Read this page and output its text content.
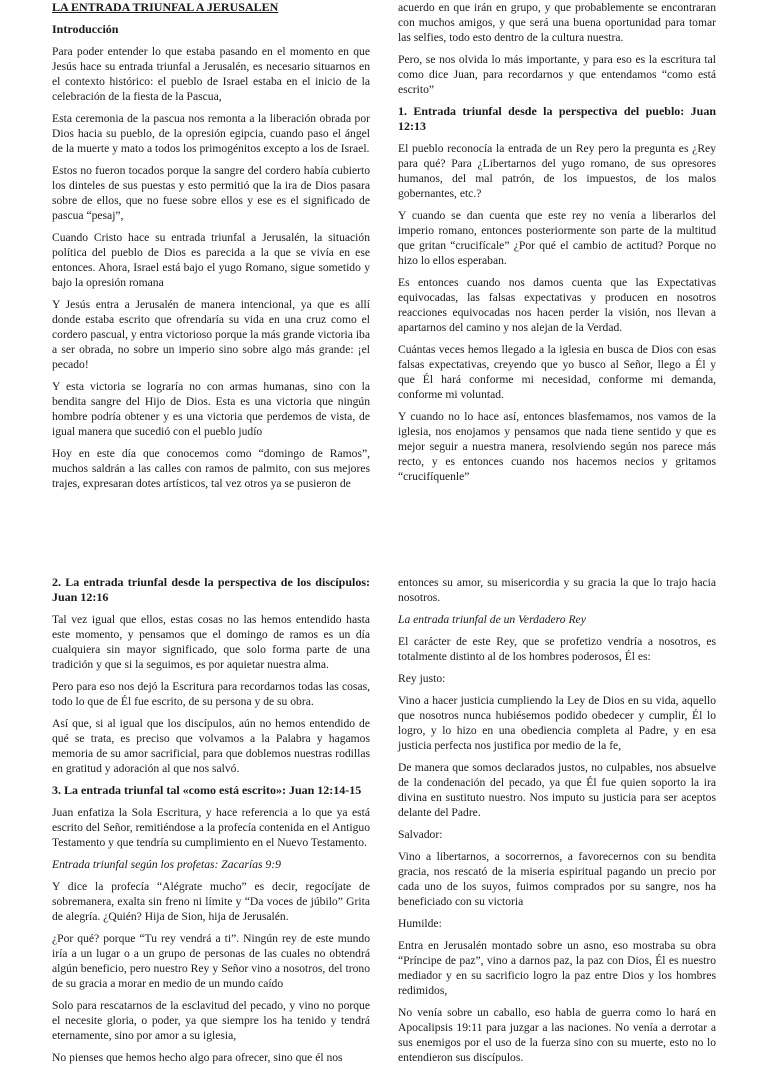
LA ENTRADA TRIUNFAL A JERUSALEN

Introducción

Para poder entender lo que estaba pasando en el momento en que Jesús hace su entrada triunfal a Jerusalén, es necesario situarnos en el contexto histórico: el pueblo de Israel estaba en el inicio de la celebración de la fiesta de la Pascua,

Esta ceremonia de la pascua nos remonta a la liberación obrada por Dios hacia su pueblo, de la opresión egipcia, cuando paso el ángel de la muerte y mato a todos los primogénitos excepto a los de Israel.

Estos no fueron tocados porque la sangre del cordero había cubierto los dinteles de sus puestas y esto permitió que la ira de Dios pasara sobre de ellos, que no fuese sobre ellos y ese es el significado de pascua “pesaj”,

Cuando Cristo hace su entrada triunfal a Jerusalén, la situación política del pueblo de Dios es parecida a la que se vivía en ese entonces. Ahora, Israel está bajo el yugo Romano, sigue sometido y bajo la opresión romana

Y Jesús entra a Jerusalén de manera intencional, ya que es allí donde estaba escrito que ofrendaría su vida en una cruz como el cordero pascual, y entra victorioso porque la más grande victoria iba a ser obrada, no sobre un imperio sino sobre algo más grande: ¡el pecado!

Y esta victoria se lograría no con armas humanas, sino con la bendita sangre del Hijo de Dios. Esta es una victoria que ningún hombre podría obtener y es una victoria que perdemos de vista, de igual manera que sucedió con el pueblo judío

Hoy en este día que conocemos como “domingo de Ramos”, muchos saldrán a las calles con ramos de palmito, con sus mejores trajes, expresaran dotes artísticos, tal vez otros ya se pusieron de

acuerdo en que irán en grupo, y que probablemente se encontraran con muchos amigos, y que será una buena oportunidad para tomar las selfies, todo esto dentro de la cultura nuestra.

Pero, se nos olvida lo más importante, y para eso es la escritura tal como dice Juan, para recordarnos y que entendamos “como está escrito”

1. Entrada triunfal desde la perspectiva del pueblo: Juan 12:13

El pueblo reconocía la entrada de un Rey pero la pregunta es ¿Rey para qué? Para ¿Libertarnos del yugo romano, de sus opresores humanos, del mal patrón, de los impuestos, de los malos gobernantes, etc.?

Y cuando se dan cuenta que este rey no venía a liberarlos del imperio romano, entonces posteriormente son parte de la multitud que gritan “crucifícale” ¿Por qué el cambio de actitud? Porque no hizo lo ellos esperaban.

Es entonces cuando nos damos cuenta que las Expectativas equivocadas, las falsas expectativas y producen en nosotros reacciones equivocadas nos hacen perder la visión, nos llevan a apartarnos del camino y nos alejan de la Verdad.

Cuántas veces hemos llegado a la iglesia en busca de Dios con esas falsas expectativas, creyendo que yo busco al Señor, llego a Él y que Él hará conforme mi necesidad, conforme mi demanda, conforme mi voluntad.

Y cuando no lo hace así, entonces blasfemamos, nos vamos de la iglesia, nos enojamos y pensamos que nada tiene sentido y que es mejor seguir a nuestra manera, resolviendo según nos parece más recto, y es entonces cuando nos hacemos necios y gritamos “crucifíquenle”

2. La entrada triunfal desde la perspectiva de los discípulos: Juan 12:16

Tal vez igual que ellos, estas cosas no las hemos entendido hasta este momento, y pensamos que el domingo de ramos es un día cualquiera sin mayor significado, que solo forma parte de una tradición y que si la seguimos, es por aquietar nuestra alma.

Pero para eso nos dejó la Escritura para recordarnos todas las cosas, todo lo que de Él fue escrito, de su persona y de su obra.

Así que, si al igual que los discípulos, aún no hemos entendido de qué se trata, es preciso que volvamos a la Palabra y hagamos memoria de su amor sacrificial, para que doblemos nuestras rodillas en gratitud y adoración al que nos salvó.

3. La entrada triunfal tal «como está escrito»: Juan 12:14-15

Juan enfatiza la Sola Escritura, y hace referencia a lo que ya está escrito del Señor, remitiéndose a la profecía contenida en el Antiguo Testamento y que tendría su cumplimiento en el Nuevo Testamento.

Entrada triunfal según los profetas: Zacarías 9:9

Y dice la profecía “Alégrate mucho” es decir, regocíjate de sobremanera, exalta sin freno ni límite y “Da voces de júbilo” Grita de alegría. ¿Quién? Hija de Sion, hija de Jerusalén.

¿Por qué? porque “Tu rey vendrá a ti”. Ningún rey de este mundo iría a un lugar o a un grupo de personas de las cuales no obtendrá algún beneficio, pero nuestro Rey y Señor vino a nosotros, del trono de su gracia a morar en medio de un mundo caído

Solo para rescatarnos de la esclavitud del pecado, y vino no porque el necesite gloria, o poder, ya que siempre los ha tenido y tendrá eternamente, sino por amor a su iglesia,

No pienses que hemos hecho algo para ofrecer, sino que él nos

entonces su amor, su misericordia y su gracia la que lo trajo hacia nosotros.

La entrada triunfal de un Verdadero Rey

El carácter de este Rey, que se profetizo vendría a nosotros, es totalmente distinto al de los hombres poderosos, Él es:

Rey justo:

Vino a hacer justicia cumpliendo la Ley de Dios en su vida, aquello que nosotros nunca hubiésemos podido obedecer y cumplir, Él lo logro, y lo hizo en una obediencia completa al Padre, y en esa justicia perfecta nos justifica por medio de la fe,

De manera que somos declarados justos, no culpables, nos absuelve de la condenación del pecado, ya que Él fue quien soporto la ira divina en sustituto nuestro. Nos imputo su justicia para ser aceptos delante del Padre.

Salvador:

Vino a libertarnos, a socorrernos, a favorecernos con su bendita gracia, nos rescató de la miseria espiritual pagando un precio por cada uno de los suyos, fuimos comprados por su sangre, nos ha beneficiado con su victoria

Humilde:

Entra en Jerusalén montado sobre un asno, eso mostraba su obra “Príncipe de paz”, vino a darnos paz, la paz con Dios, Él es nuestro mediador y en su sacrificio logro la paz entre Dios y los hombres redimidos,

No venía sobre un caballo, eso habla de guerra como lo hará en Apocalipsis 19:11 para juzgar a las naciones. No venía a derrotar a sus enemigos por el uso de la fuerza sino con su muerte, esto no lo entendieron sus discípulos.
